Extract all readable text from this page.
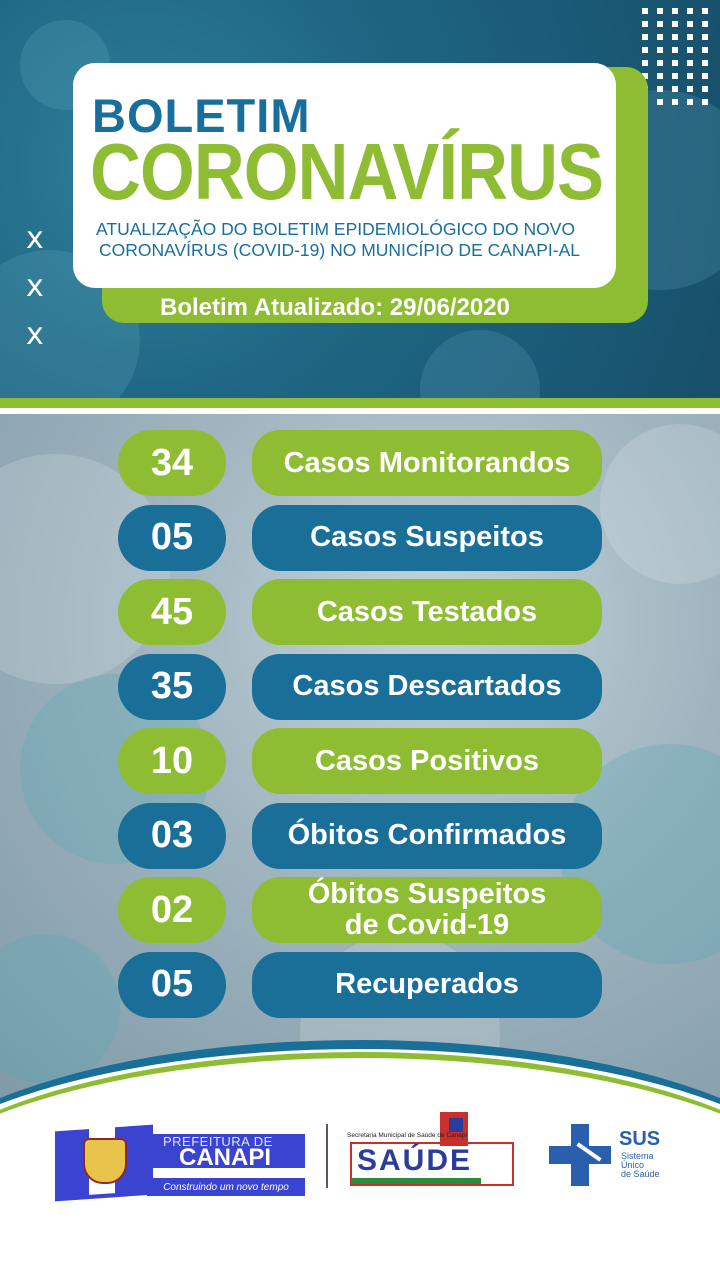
x
x
x
BOLETIM
CORONAVÍRUS
ATUALIZAÇÃO DO BOLETIM EPIDEMIOLÓGICO DO NOVO
CORONAVÍRUS (COVID-19) NO MUNICÍPIO DE CANAPI-AL
Boletim Atualizado: 29/06/2020
34	Casos Monitorandos
05	Casos Suspeitos
45	Casos Testados
35	Casos Descartados
10	Casos Positivos
03	Óbitos Confirmados
02	Óbitos Suspeitos
de Covid-19
05	Recuperados
PREFEITURA DE
CANAPI
Construindo um novo tempo
Secretaria Municipal de Saúde de Canapi
SAÚDE
SUS
Sistema
Único
de Saúde
